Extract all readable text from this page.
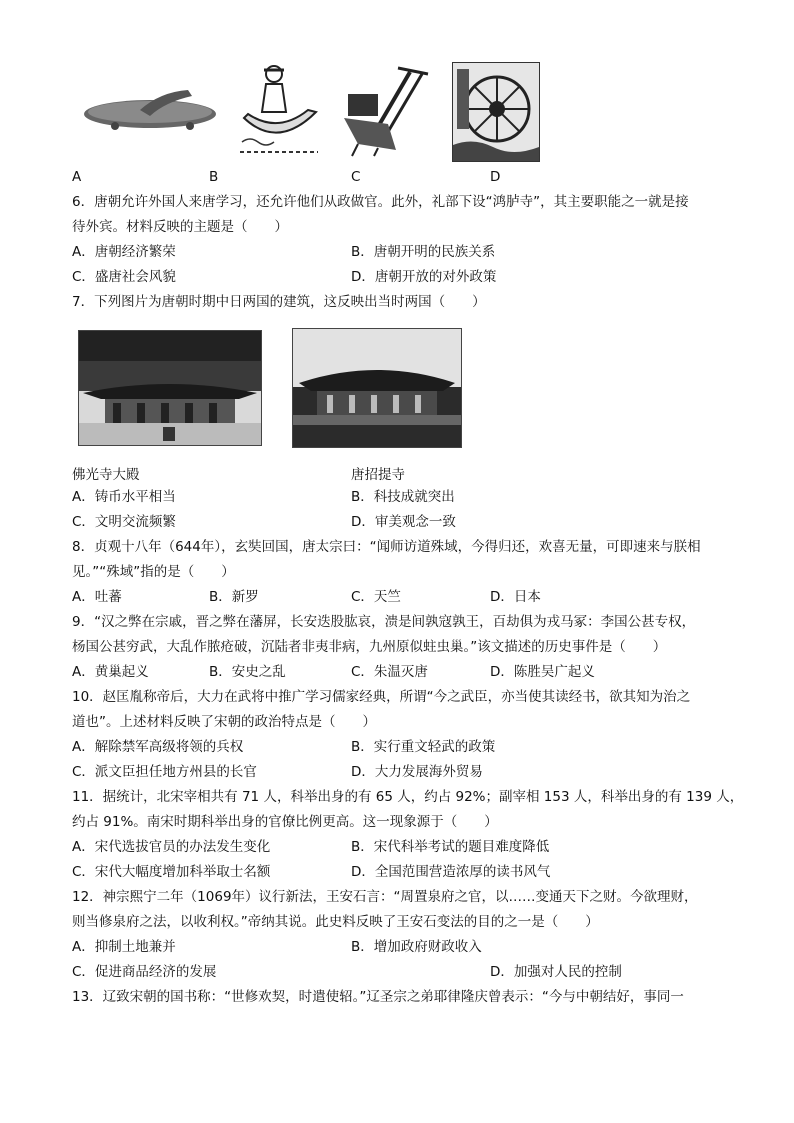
A	B	C	D
6．唐朝允许外国人来唐学习，还允许他们从政做官。此外，礼部下设“鸿胪寺”，其主要职能之一就是接
待外宾。材料反映的主题是（　　）
A．唐朝经济繁荣	B．唐朝开明的民族关系
C．盛唐社会风貌	D．唐朝开放的对外政策
7．下列图片为唐朝时期中日两国的建筑，这反映出当时两国（　　）
佛光寺大殿	唐招提寺
A．铸币水平相当	B．科技成就突出
C．文明交流频繁	D．审美观念一致
8．贞观十八年（644年），玄奘回国，唐太宗曰：“闻师访道殊域，今得归还，欢喜无量，可即速来与朕相
见。”“殊域”指的是（　　）
A．吐蕃	B．新罗	C．天竺	D．日本
9．“汉之弊在宗戚，晋之弊在藩屏，长安迭股肱哀，溃是间孰寇孰王，百劫俱为戎马冢：李国公甚专权，
杨国公甚穷武，大乱作脓疮破，沉陆者非夷非病，九州原似蛀虫巢。”该文描述的历史事件是（　　）
A．黄巢起义	B．安史之乱	C．朱温灭唐	D．陈胜吴广起义
10．赵匡胤称帝后，大力在武将中推广学习儒家经典，所谓“今之武臣，亦当使其读经书，欲其知为治之
道也”。上述材料反映了宋朝的政治特点是（　　）
A．解除禁军高级将领的兵权	B．实行重文轻武的政策
C．派文臣担任地方州县的长官	D．大力发展海外贸易
11．据统计，北宋宰相共有 71 人，科举出身的有 65 人，约占 92%；副宰相 153 人，科举出身的有 139 人，
约占 91%。南宋时期科举出身的官僚比例更高。这一现象源于（　　）
A．宋代选拔官员的办法发生变化	B．宋代科举考试的题目难度降低
C．宋代大幅度增加科举取士名额	D．全国范围营造浓厚的读书风气
12．神宗熙宁二年（1069年）议行新法，王安石言：“周置泉府之官，以……变通天下之财。今欲理财，
则当修泉府之法，以收利权。”帝纳其说。此史料反映了王安石变法的目的之一是（　　）
A．抑制土地兼并	B．增加政府财政收入
C．促进商品经济的发展	D．加强对人民的控制
13．辽致宋朝的国书称：“世修欢契，时遣使轺。”辽圣宗之弟耶律隆庆曾表示：“今与中朝结好，事同一
